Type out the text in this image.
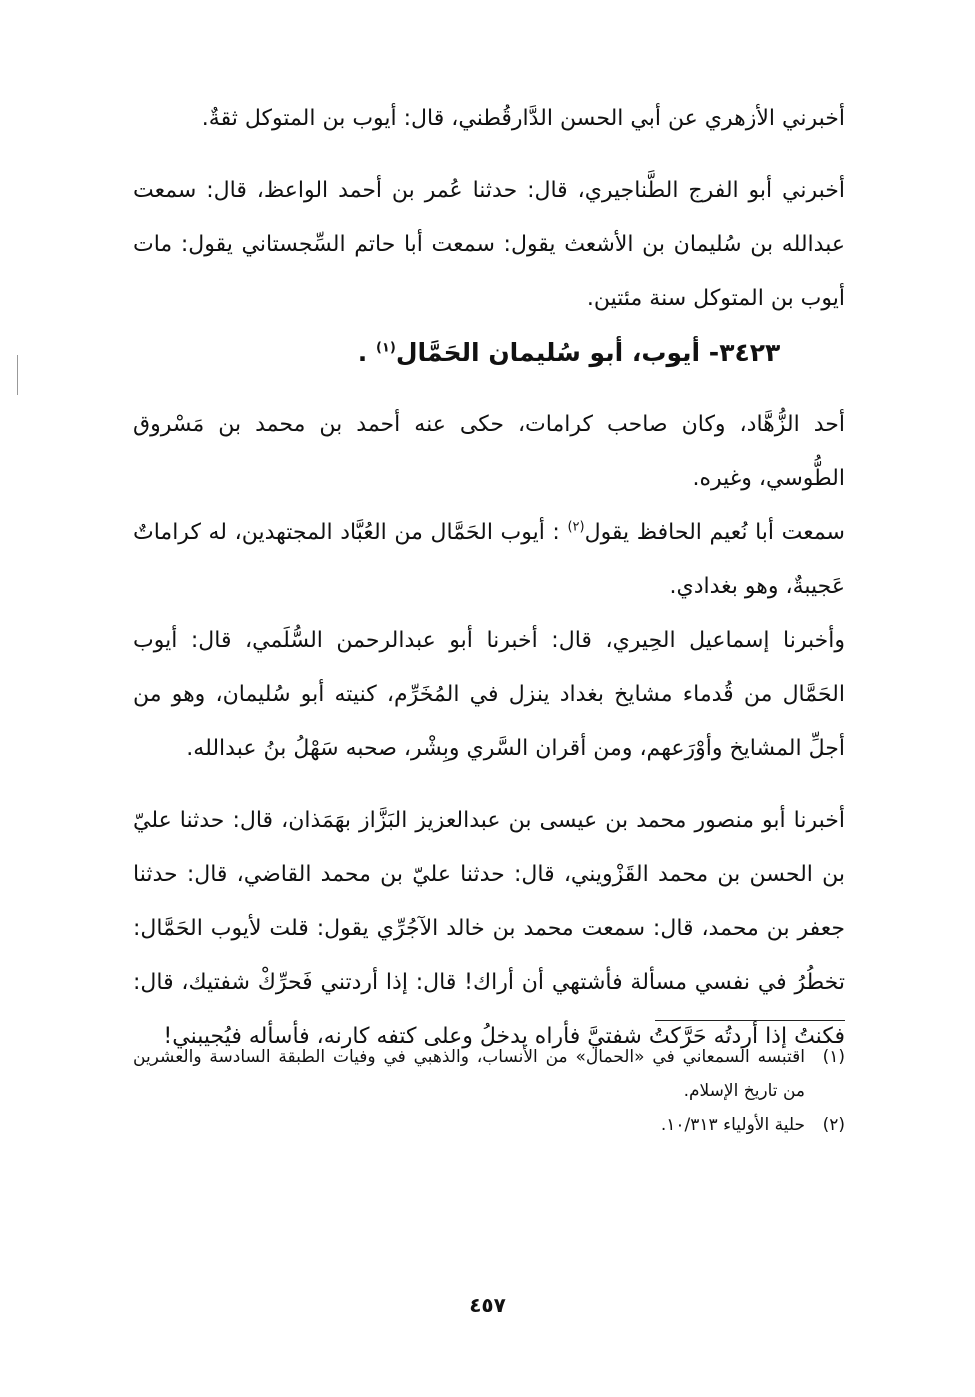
أخبرني الأزهري عن أبي الحسن الدَّارقُطني، قال: أيوب بن المتوكل ثقةٌ.

أخبرني أبو الفرج الطَّناجيري، قال: حدثنا عُمر بن أحمد الواعظ، قال: سمعت عبدالله بن سُليمان بن الأشعث يقول: سمعت أبا حاتم السِّجستاني يقول: مات أيوب بن المتوكل سنة مئتين.

٣٤٢٣- أيوب، أبو سُليمان الحَمَّال$^{(١)}$ .

أحد الزُّهَّاد، وكان صاحب كرامات، حكى عنه أحمد بن محمد بن مَسْروق الطُّوسي، وغيره.

سمعت أبا نُعيم الحافظ يقول$^{(٢)}$ : أيوب الحَمَّال من العُبَّاد المجتهدين، له كراماتٌ عَجيبةٌ، وهو بغدادي.

وأخبرنا إسماعيل الحِيري، قال: أخبرنا أبو عبدالرحمن السُّلَمي، قال: أيوب الحَمَّال من قُدماء مشايخ بغداد ينزل في المُخَرِّم، كنيته أبو سُليمان، وهو من أجلِّ المشايخ وأوْرَعهم، ومن أقران السَّري وبِشْر، صحبه سَهْلُ بنُ عبدالله.

أخبرنا أبو منصور محمد بن عيسى بن عبدالعزيز البَزَّاز بهَمَذان، قال: حدثنا عليّ بن الحسن بن محمد القَزْويني، قال: حدثنا عليّ بن محمد القاضي، قال: حدثنا جعفر بن محمد، قال: سمعت محمد بن خالد الآجُرِّي يقول: قلت لأيوب الحَمَّال: تخطُرُ في نفسي مسألة فأشتهي أن أراك! قال: إذا أردتني فَحرِّكْ شفتيك، قال: فكنتُ إذا أردتُه حَرَّكتُ شفتيَّ فأراه يدخلُ وعلى كتفه كارنه، فأسأله فيُجيبني!

(١)
اقتبسه السمعاني في «الحمال» من الأنساب، والذهبي في وفيات الطبقة السادسة والعشرين من تاريخ الإسلام.

(٢)
حلية الأولياء ١٠/٣١٣.

٤٥٧
